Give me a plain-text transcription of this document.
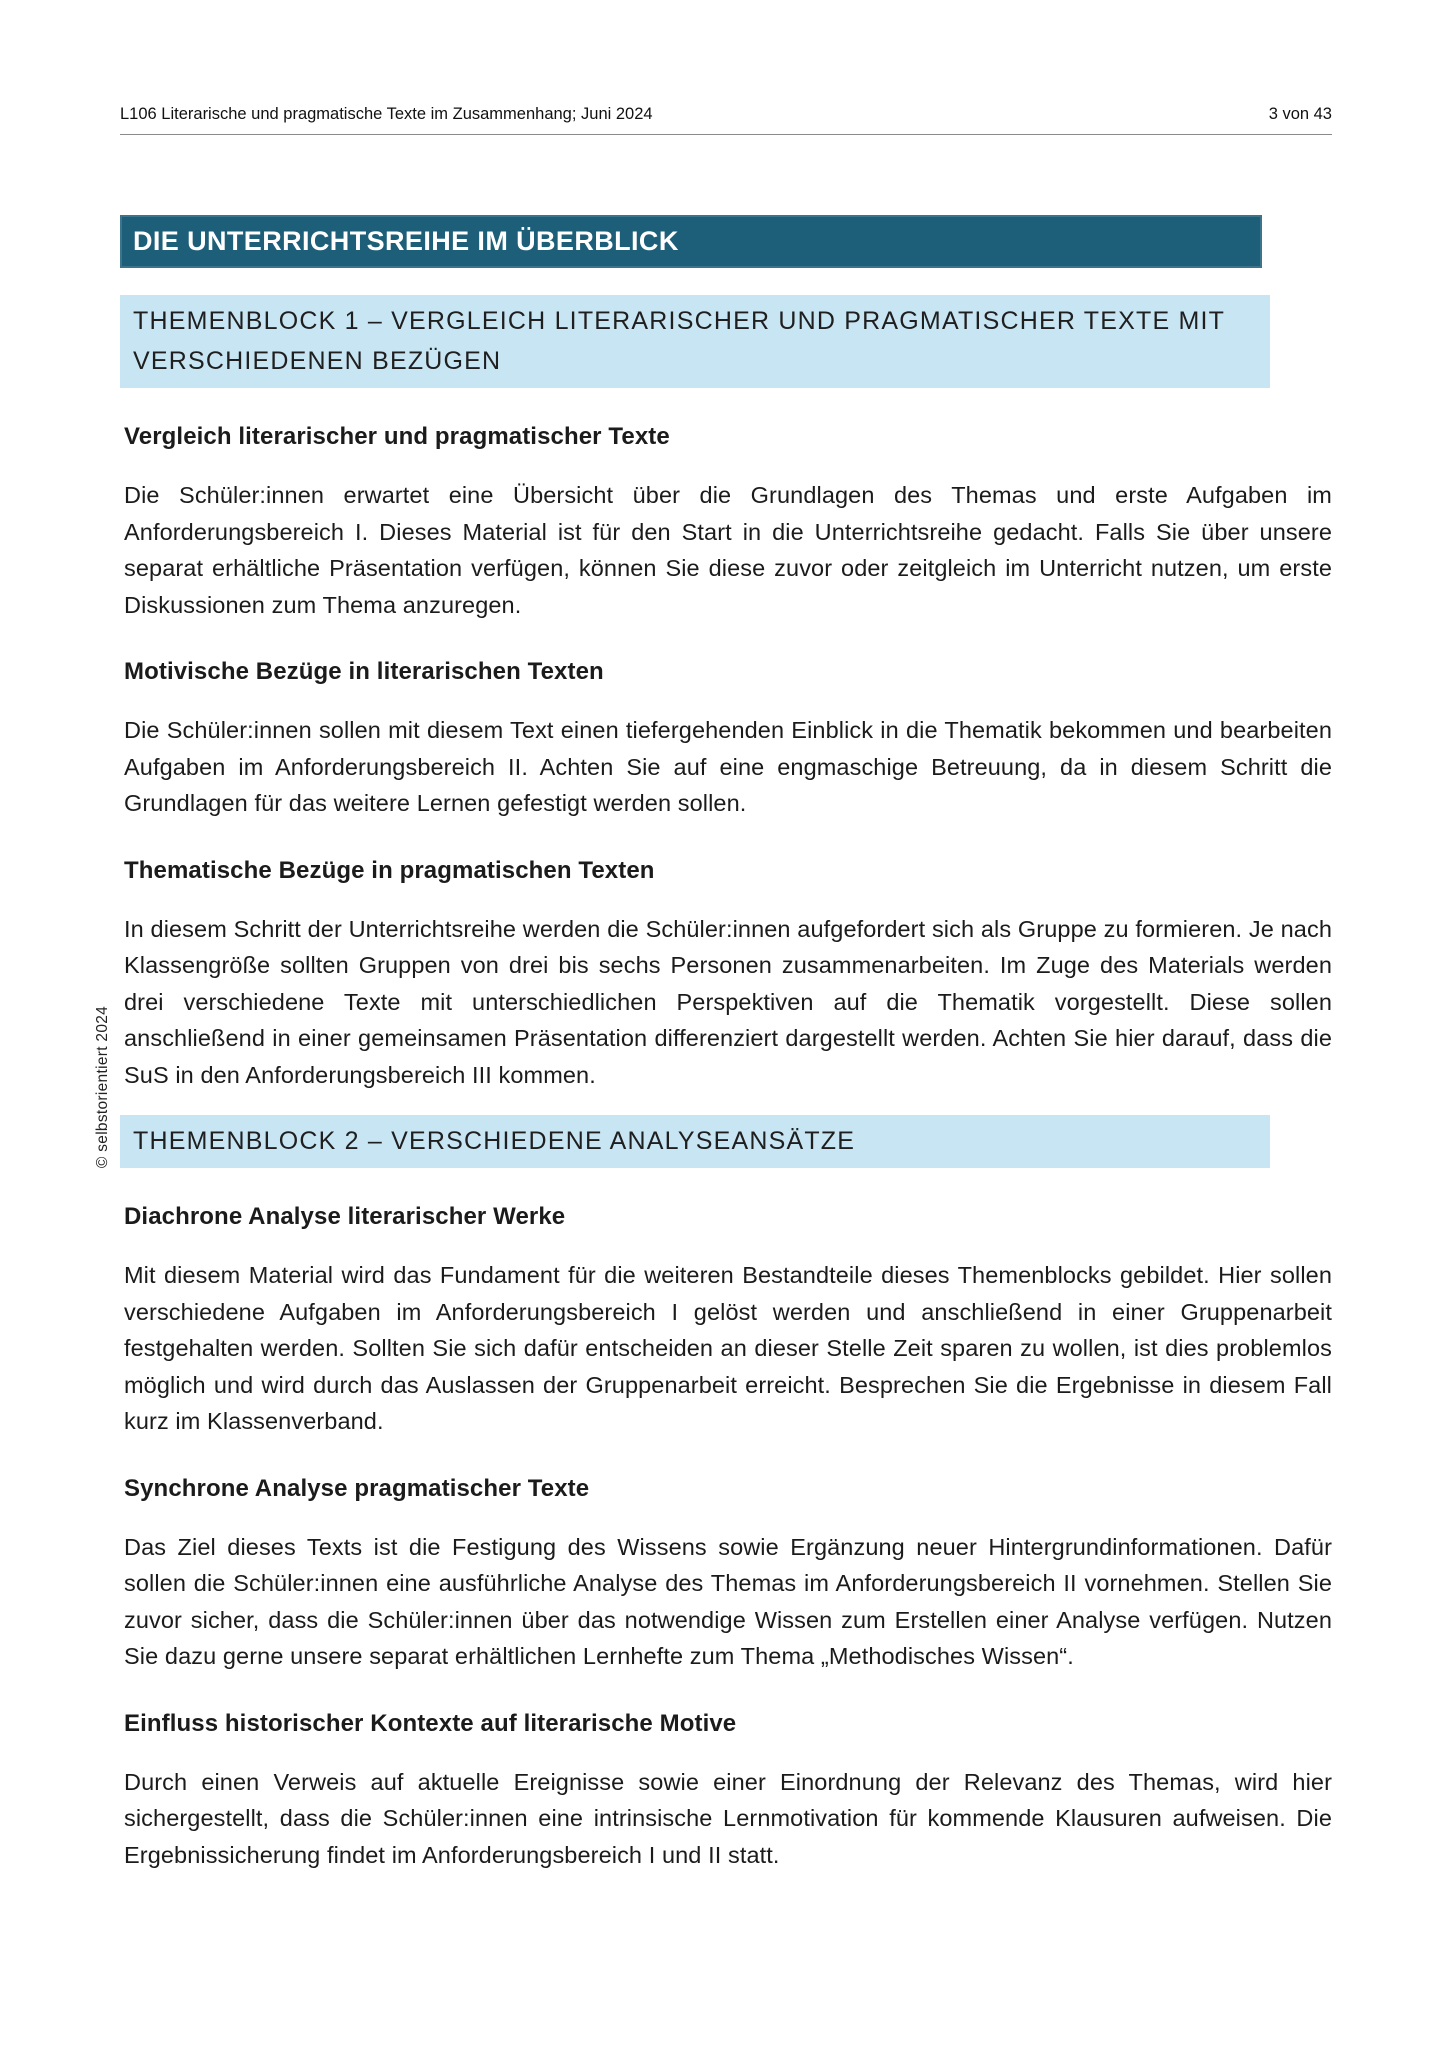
L106 Literarische und pragmatische Texte im Zusammenhang; Juni 2024	3 von 43
© selbstorientiert 2024
DIE UNTERRICHTSREIHE IM ÜBERBLICK
THEMENBLOCK 1 – VERGLEICH LITERARISCHER UND PRAGMATISCHER TEXTE MIT VERSCHIEDENEN BEZÜGEN
Vergleich literarischer und pragmatischer Texte

Die Schüler:innen erwartet eine Übersicht über die Grundlagen des Themas und erste Aufgaben im Anforderungsbereich I. Dieses Material ist für den Start in die Unterrichtsreihe gedacht. Falls Sie über unsere separat erhältliche Präsentation verfügen, können Sie diese zuvor oder zeitgleich im Unterricht nutzen, um erste Diskussionen zum Thema anzuregen.

Motivische Bezüge in literarischen Texten

Die Schüler:innen sollen mit diesem Text einen tiefergehenden Einblick in die Thematik bekommen und bearbeiten Aufgaben im Anforderungsbereich II. Achten Sie auf eine engmaschige Betreuung, da in diesem Schritt die Grundlagen für das weitere Lernen gefestigt werden sollen.

Thematische Bezüge in pragmatischen Texten

In diesem Schritt der Unterrichtsreihe werden die Schüler:innen aufgefordert sich als Gruppe zu formieren. Je nach Klassengröße sollten Gruppen von drei bis sechs Personen zusammenarbeiten. Im Zuge des Materials werden drei verschiedene Texte mit unterschiedlichen Perspektiven auf die Thematik vorgestellt. Diese sollen anschließend in einer gemeinsamen Präsentation differenziert dargestellt werden. Achten Sie hier darauf, dass die SuS in den Anforderungsbereich III kommen.

THEMENBLOCK 2 – VERSCHIEDENE ANALYSEANSÄTZE
Diachrone Analyse literarischer Werke

Mit diesem Material wird das Fundament für die weiteren Bestandteile dieses Themenblocks gebildet. Hier sollen verschiedene Aufgaben im Anforderungsbereich I gelöst werden und anschließend in einer Gruppenarbeit festgehalten werden. Sollten Sie sich dafür entscheiden an dieser Stelle Zeit sparen zu wollen, ist dies problemlos möglich und wird durch das Auslassen der Gruppenarbeit erreicht. Besprechen Sie die Ergebnisse in diesem Fall kurz im Klassenverband.

Synchrone Analyse pragmatischer Texte

Das Ziel dieses Texts ist die Festigung des Wissens sowie Ergänzung neuer Hintergrundinformationen. Dafür sollen die Schüler:innen eine ausführliche Analyse des Themas im Anforderungsbereich II vornehmen. Stellen Sie zuvor sicher, dass die Schüler:innen über das notwendige Wissen zum Erstellen einer Analyse verfügen. Nutzen Sie dazu gerne unsere separat erhältlichen Lernhefte zum Thema „Methodisches Wissen“.

Einfluss historischer Kontexte auf literarische Motive

Durch einen Verweis auf aktuelle Ereignisse sowie einer Einordnung der Relevanz des Themas, wird hier sichergestellt, dass die Schüler:innen eine intrinsische Lernmotivation für kommende Klausuren aufweisen. Die Ergebnissicherung findet im Anforderungsbereich I und II statt.
